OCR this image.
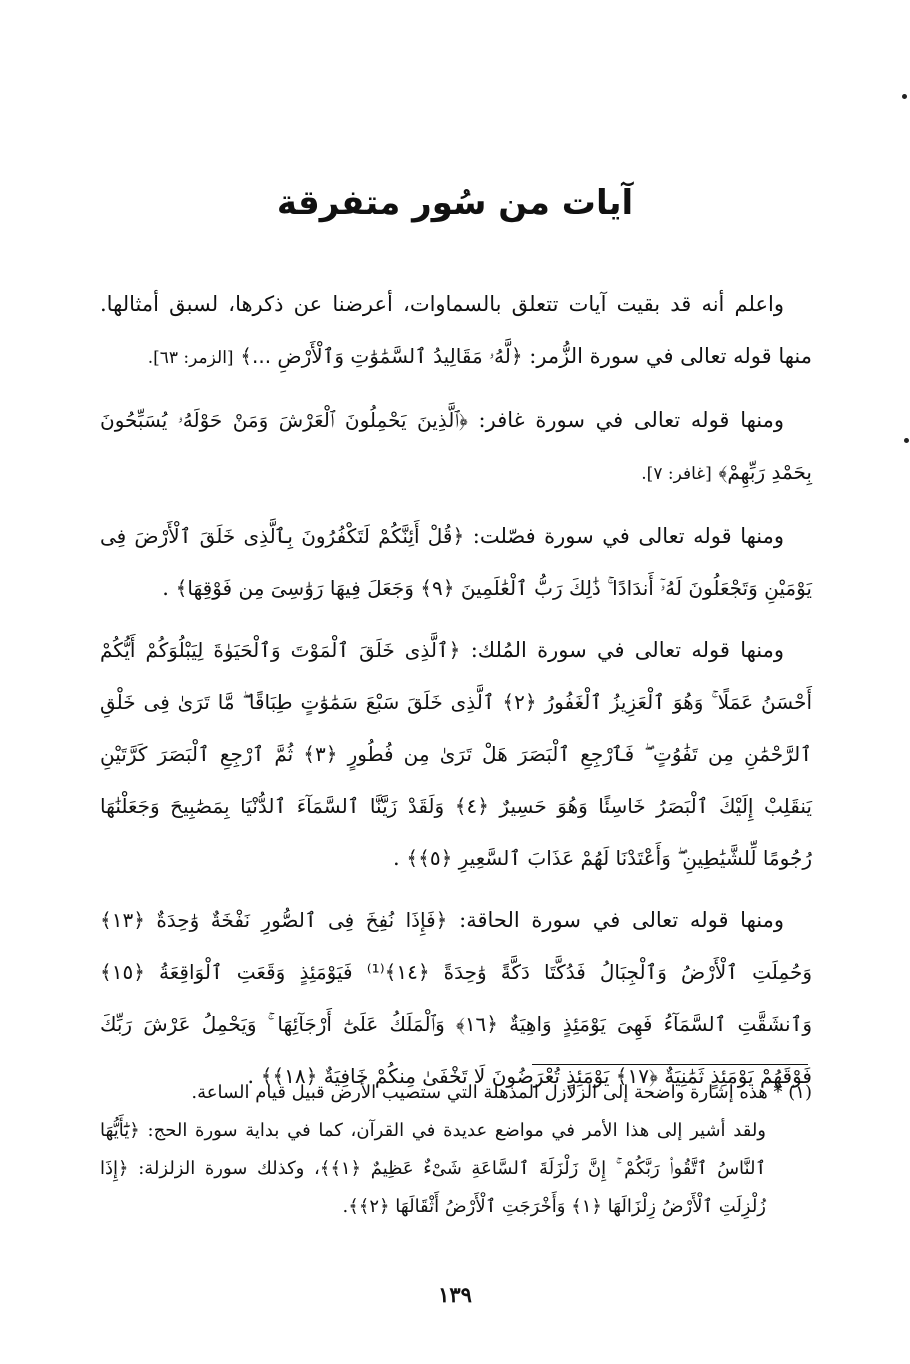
آيات من سُور متفرقة

واعلم أنه قد بقيت آيات تتعلق بالسماوات، أعرضنا عن ذكرها، لسبق أمثالها. منها قوله تعالى في سورة الزُّمر: ﴿لَّهُۥ مَقَالِيدُ ٱلسَّمَٰوَٰتِ وَٱلْأَرْضِ ...﴾ [الزمر: ٦٣].

ومنها قوله تعالى في سورة غافر: ﴿ٱلَّذِينَ يَحْمِلُونَ ٱلْعَرْشَ وَمَنْ حَوْلَهُۥ يُسَبِّحُونَ بِحَمْدِ رَبِّهِمْ﴾ [غافر: ٧].

ومنها قوله تعالى في سورة فصّلت: ﴿قُلْ أَئِنَّكُمْ لَتَكْفُرُونَ بِٱلَّذِى خَلَقَ ٱلْأَرْضَ فِى يَوْمَيْنِ وَتَجْعَلُونَ لَهُۥٓ أَندَادًا ۚ ذَٰلِكَ رَبُّ ٱلْعَٰلَمِينَ ﴿٩﴾ وَجَعَلَ فِيهَا رَوَٰسِىَ مِن فَوْقِهَا﴾ .

ومنها قوله تعالى في سورة المُلك: ﴿ٱلَّذِى خَلَقَ ٱلْمَوْتَ وَٱلْحَيَوٰةَ لِيَبْلُوَكُمْ أَيُّكُمْ أَحْسَنُ عَمَلًا ۚ وَهُوَ ٱلْعَزِيزُ ٱلْغَفُورُ ﴿٢﴾ ٱلَّذِى خَلَقَ سَبْعَ سَمَٰوَٰتٍ طِبَاقًا ۖ مَّا تَرَىٰ فِى خَلْقِ ٱلرَّحْمَٰنِ مِن تَفَٰوُتٍ ۖ فَٱرْجِعِ ٱلْبَصَرَ هَلْ تَرَىٰ مِن فُطُورٍ ﴿٣﴾ ثُمَّ ٱرْجِعِ ٱلْبَصَرَ كَرَّتَيْنِ يَنقَلِبْ إِلَيْكَ ٱلْبَصَرُ خَاسِئًا وَهُوَ حَسِيرٌ ﴿٤﴾ وَلَقَدْ زَيَّنَّا ٱلسَّمَآءَ ٱلدُّنْيَا بِمَصَٰبِيحَ وَجَعَلْنَٰهَا رُجُومًا لِّلشَّيَٰطِينِ ۖ وَأَعْتَدْنَا لَهُمْ عَذَابَ ٱلسَّعِيرِ ﴿٥﴾﴾ .

ومنها قوله تعالى في سورة الحاقة: ﴿فَإِذَا نُفِخَ فِى ٱلصُّورِ نَفْخَةٌ وَٰحِدَةٌ ﴿١٣﴾ وَحُمِلَتِ ٱلْأَرْضُ وَٱلْجِبَالُ فَدُكَّتَا دَكَّةً وَٰحِدَةً ﴿١٤﴾⁽¹⁾ فَيَوْمَئِذٍ وَقَعَتِ ٱلْوَاقِعَةُ ﴿١٥﴾ وَٱنشَقَّتِ ٱلسَّمَآءُ فَهِىَ يَوْمَئِذٍ وَاهِيَةٌ ﴿١٦﴾ وَٱلْمَلَكُ عَلَىٰٓ أَرْجَآئِهَا ۚ وَيَحْمِلُ عَرْشَ رَبِّكَ فَوْقَهُمْ يَوْمَئِذٍ ثَمَٰنِيَةٌ ﴿١٧﴾ يَوْمَئِذٍ تُعْرَضُونَ لَا تَخْفَىٰ مِنكُمْ خَافِيَةٌ ﴿١٨﴾﴾ .

(١) * هذه إشارة واضحة إلى الزلازل المذهلة التي ستصيب الأرض قبيل قيام الساعة.

ولقد أشير إلى هذا الأمر في مواضع عديدة في القرآن، كما في بداية سورة الحج: ﴿يَٰٓأَيُّهَا ٱلنَّاسُ ٱتَّقُوا۟ رَبَّكُمْ ۚ إِنَّ زَلْزَلَةَ ٱلسَّاعَةِ شَىْءٌ عَظِيمٌ ﴿١﴾﴾، وكذلك سورة الزلزلة: ﴿إِذَا زُلْزِلَتِ ٱلْأَرْضُ زِلْزَالَهَا ﴿١﴾ وَأَخْرَجَتِ ٱلْأَرْضُ أَثْقَالَهَا ﴿٢﴾﴾.

١٣٩
